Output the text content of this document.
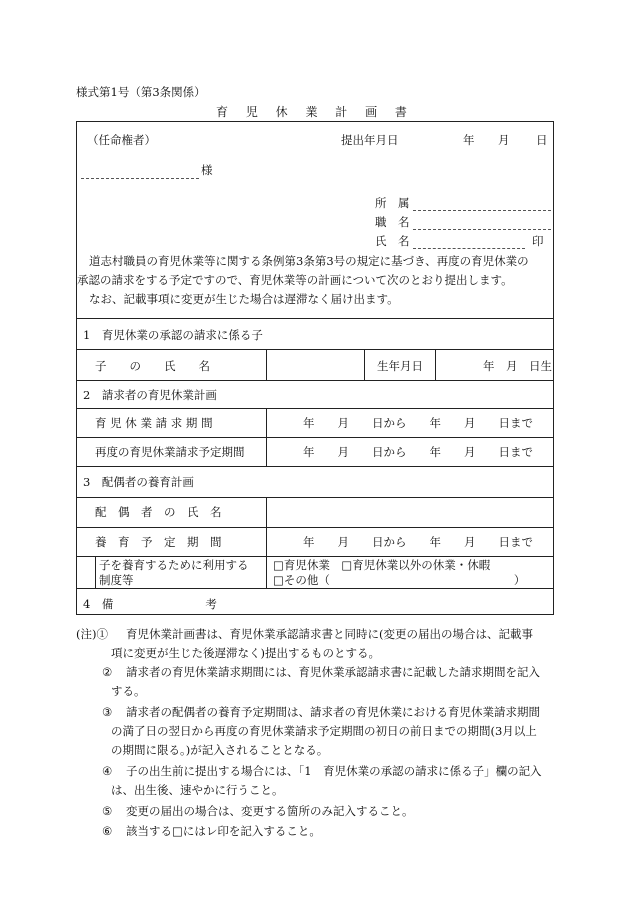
様式第1号（第3条関係）
育 児 休 業 計 画 書
（任命権者）	提出年月日	年 月 日
様
所　属
職　名
氏　名	印
道志村職員の育児休業等に関する条例第3条第3号の規定に基づき、再度の育児休業の
承認の請求をする予定ですので、育児休業等の計画について次のとおり提出します。
なお、記載事項に変更が生じた場合は遅滞なく届け出ます。
1　育児休業の承認の請求に係る子
子　　の　　氏　　名	生年月日	年　月　日生
2　請求者の育児休業計画
育 児 休 業 請 求 期 間	年　　月　　日から　　年　　月　　日まで
再度の育児休業請求予定期間	年　　月　　日から　　年　　月　　日まで
3　配偶者の養育計画
配　偶　者　の　氏　名
養　育　予　定　期　間	年　　月　　日から　　年　　月　　日まで
子を養育するために利用する
制度等
□育児休業　□育児休業以外の休業・休暇
□その他（　　　　　　　　　　　　　　　　）
4　備　　　　　　　　考
(注)① 育児休業計画書は、育児休業承認請求書と同時に(変更の届出の場合は、記載事
項に変更が生じた後遅滞なく)提出するものとする。
② 請求者の育児休業請求期間には、育児休業承認請求書に記載した請求期間を記入
する。
③ 請求者の配偶者の養育予定期間は、請求者の育児休業における育児休業請求期間
の満了日の翌日から再度の育児休業請求予定期間の初日の前日までの期間(3月以上
の期間に限る。)が記入されることとなる。
④ 子の出生前に提出する場合には、「1　育児休業の承認の請求に係る子」欄の記入
は、出生後、速やかに行うこと。
⑤ 変更の届出の場合は、変更する箇所のみ記入すること。
⑥ 該当する□にはレ印を記入すること。
